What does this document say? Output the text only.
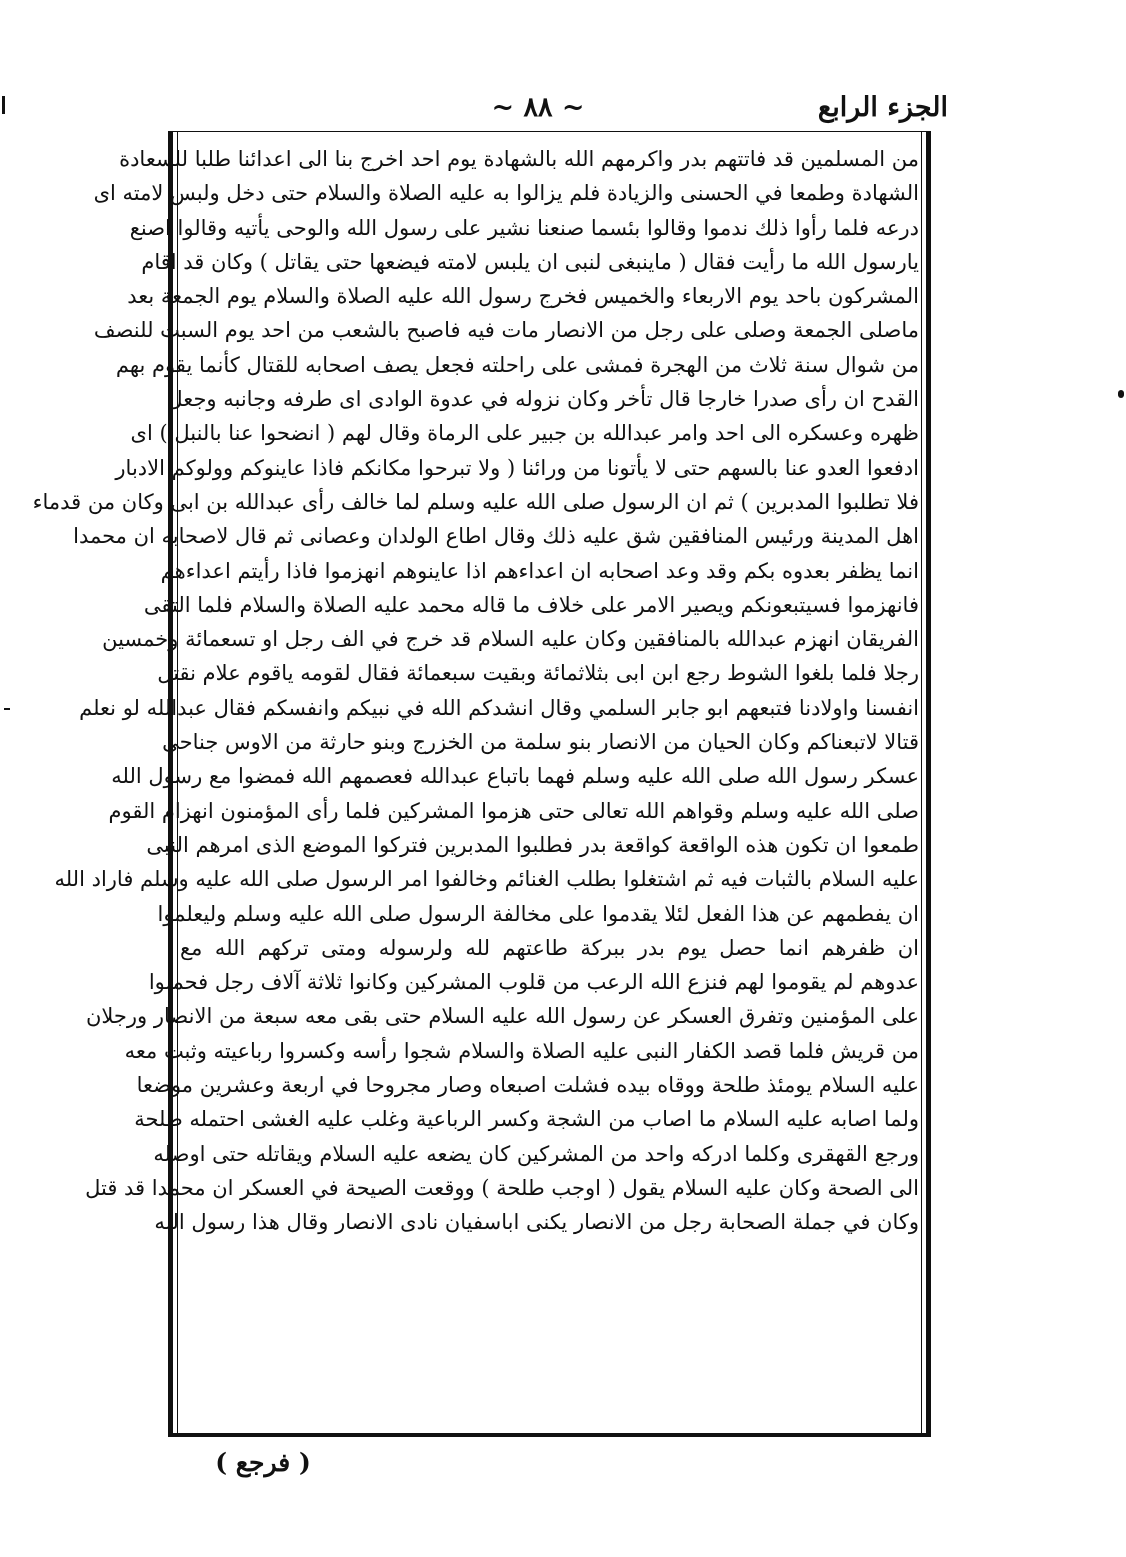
الجزء الرابع
~ ٨٨ ~
من المسلمين قد فاتتهم بدر واكرمهم الله بالشهادة يوم احد اخرج بنا الى اعدائنا طلبا للسعادة
الشهادة وطمعا في الحسنى والزيادة فلم يزالوا به عليه الصلاة والسلام حتى دخل ولبس لامته اى
درعه فلما رأوا ذلك ندموا وقالوا بئسما صنعنا نشير على رسول الله والوحى يأتيه وقالوا اصنع
يارسول الله ما رأيت فقال ( ماينبغى لنبى ان يلبس لامته فيضعها حتى يقاتل ) وكان قد اقام
المشركون باحد يوم الاربعاء والخميس فخرج رسول الله عليه الصلاة والسلام يوم الجمعة بعد
ماصلى الجمعة وصلى على رجل من الانصار مات فيه فاصبح بالشعب من احد يوم السبت للنصف
من شوال سنة ثلاث من الهجرة فمشى على راحلته فجعل يصف اصحابه للقتال كأنما يقوم بهم
القدح ان رأى صدرا خارجا قال تأخر وكان نزوله في عدوة الوادى اى طرفه وجانبه وجعل
ظهره وعسكره الى احد وامر عبدالله بن جبير على الرماة وقال لهم ( انضحوا عنا بالنبل ) اى
ادفعوا العدو عنا بالسهم حتى لا يأتونا من ورائنا ( ولا تبرحوا مكانكم فاذا عاينوكم وولوكم الادبار
فلا تطلبوا المدبرين ) ثم ان الرسول صلى الله عليه وسلم لما خالف رأى عبدالله بن ابى وكان من قدماء
اهل المدينة ورئيس المنافقين شق عليه ذلك وقال اطاع الولدان وعصانى ثم قال لاصحابه ان محمدا
انما يظفر بعدوه بكم وقد وعد اصحابه ان اعداءهم اذا عاينوهم انهزموا فاذا رأيتم اعداءهم
فانهزموا فسيتبعونكم ويصير الامر على خلاف ما قاله محمد عليه الصلاة والسلام فلما التقى
الفريقان انهزم عبدالله بالمنافقين وكان عليه السلام قد خرج في الف رجل او تسعمائة وخمسين
رجلا فلما بلغوا الشوط رجع ابن ابى بثلاثمائة وبقيت سبعمائة فقال لقومه ياقوم علام نقتل
انفسنا واولادنا فتبعهم ابو جابر السلمي وقال انشدكم الله في نبيكم وانفسكم فقال عبدالله لو نعلم
قتالا لاتبعناكم وكان الحيان من الانصار بنو سلمة من الخزرج وبنو حارثة من الاوس جناحى
عسكر رسول الله صلى الله عليه وسلم فهما باتباع عبدالله فعصمهم الله فمضوا مع رسول الله
صلى الله عليه وسلم وقواهم الله تعالى حتى هزموا المشركين فلما رأى المؤمنون انهزام القوم
طمعوا ان تكون هذه الواقعة كواقعة بدر فطلبوا المدبرين فتركوا الموضع الذى امرهم النبى
عليه السلام بالثبات فيه ثم اشتغلوا بطلب الغنائم وخالفوا امر الرسول صلى الله عليه وسلم فاراد الله
ان يفطمهم عن هذا الفعل لئلا يقدموا على مخالفة الرسول صلى الله عليه وسلم وليعلموا
ان ظفرهم انما حصل يوم بدر ببركة طاعتهم لله ولرسوله ومتى تركهم الله مع
عدوهم لم يقوموا لهم فنزع الله الرعب من قلوب المشركين وكانوا ثلاثة آلاف رجل فحملوا
على المؤمنين وتفرق العسكر عن رسول الله عليه السلام حتى بقى معه سبعة من الانصار ورجلان
من قريش فلما قصد الكفار النبى عليه الصلاة والسلام شجوا رأسه وكسروا رباعيته وثبت معه
عليه السلام يومئذ طلحة ووقاه بيده فشلت اصبعاه وصار مجروحا في اربعة وعشرين موضعا
ولما اصابه عليه السلام ما اصاب من الشجة وكسر الرباعية وغلب عليه الغشى احتمله طلحة
ورجع القهقرى وكلما ادركه واحد من المشركين كان يضعه عليه السلام ويقاتله حتى اوصله
الى الصحة وكان عليه السلام يقول ( اوجب طلحة ) ووقعت الصيحة في العسكر ان محمدا قد قتل
وكان في جملة الصحابة رجل من الانصار يكنى اباسفيان نادى الانصار وقال هذا رسول الله
( فرجع )
